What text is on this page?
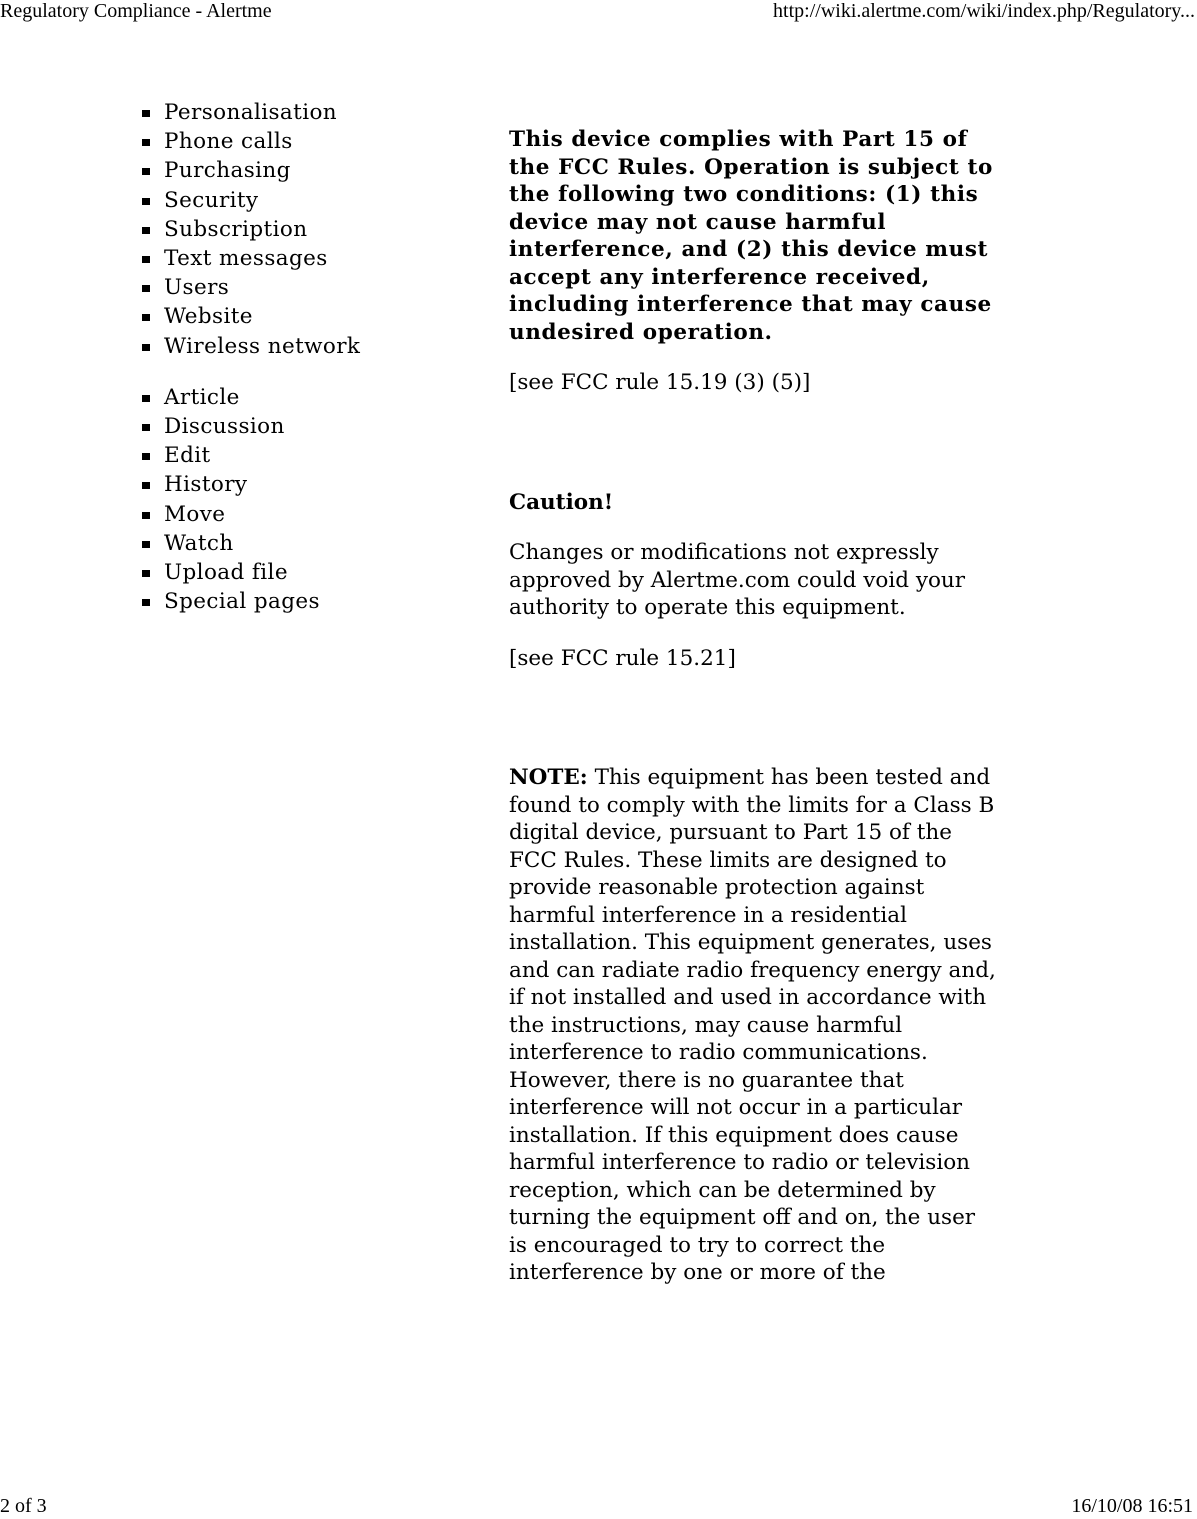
Regulatory Compliance - Alertme	http://wiki.alertme.com/wiki/index.php/Regulatory...
Personalisation
Phone calls
Purchasing
Security
Subscription
Text messages
Users
Website
Wireless network
Article
Discussion
Edit
History
Move
Watch
Upload file
Special pages

This device complies with Part 15 of the FCC Rules. Operation is subject to the following two conditions: (1) this device may not cause harmful interference, and (2) this device must accept any interference received, including interference that may cause undesired operation.

[see FCC rule 15.19 (3) (5)]

Caution!

Changes or modifications not expressly approved by Alertme.com could void your authority to operate this equipment.

[see FCC rule 15.21]

NOTE: This equipment has been tested and found to comply with the limits for a Class B digital device, pursuant to Part 15 of the FCC Rules. These limits are designed to provide reasonable protection against harmful interference in a residential installation. This equipment generates, uses and can radiate radio frequency energy and, if not installed and used in accordance with the instructions, may cause harmful interference to radio communications. However, there is no guarantee that interference will not occur in a particular installation. If this equipment does cause harmful interference to radio or television reception, which can be determined by turning the equipment off and on, the user is encouraged to try to correct the interference by one or more of the

2 of 3	16/10/08 16:51
